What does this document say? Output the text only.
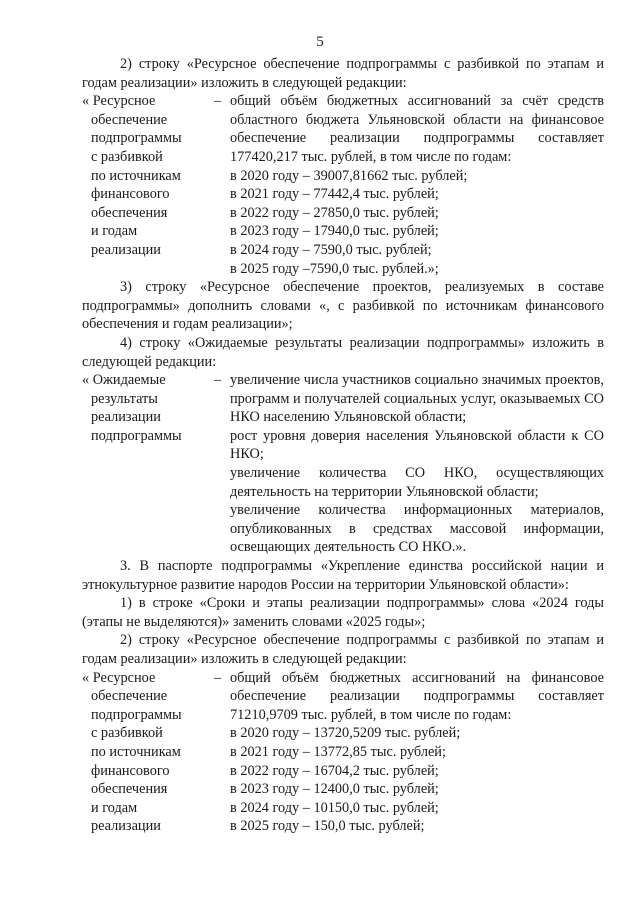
5

2) строку «Ресурсное обеспечение подпрограммы с разбивкой по этапам и годам реализации» изложить в следующей редакции:

« Ресурсное
обеспечение
подпрограммы
с разбивкой
по источникам
финансового
обеспечения
и годам
реализации
– общий объём бюджетных ассигнований за счёт средств областного бюджета Ульяновской области на финансовое обеспечение реализации подпрограммы составляет 177420,217 тыс. рублей, в том числе по годам:

в 2020 году – 39007,81662 тыс. рублей;
в 2021 году – 77442,4 тыс. рублей;
в 2022 году – 27850,0 тыс. рублей;
в 2023 году – 17940,0 тыс. рублей;
в 2024 году – 7590,0 тыс. рублей;
в 2025 году –7590,0 тыс. рублей.»;

3) строку «Ресурсное обеспечение проектов, реализуемых в составе подпрограммы» дополнить словами «, с разбивкой по источникам финансового обеспечения и годам реализации»;

4) строку «Ожидаемые результаты реализации подпрограммы» изложить в следующей редакции:

« Ожидаемые
результаты
реализации
подпрограммы
– увеличение числа участников социально значимых проектов, программ и получателей социальных услуг, оказываемых СО НКО населению Ульяновской области;

рост уровня доверия населения Ульяновской области к СО НКО;

увеличение количества СО НКО, осуществляющих деятельность на территории Ульяновской области;

увеличение количества информационных материалов, опубликованных в средствах массовой информации, освещающих деятельность СО НКО.».

3. В паспорте подпрограммы «Укрепление единства российской нации и этнокультурное развитие народов России на территории Ульяновской области»:

1) в строке «Сроки и этапы реализации подпрограммы» слова «2024 годы (этапы не выделяются)» заменить словами «2025 годы»;

2) строку «Ресурсное обеспечение подпрограммы с разбивкой по этапам и годам реализации» изложить в следующей редакции:

« Ресурсное
обеспечение
подпрограммы
с разбивкой
по источникам
финансового
обеспечения
и годам
реализации
– общий объём бюджетных ассигнований на финансовое обеспечение реализации подпрограммы составляет 71210,9709 тыс. рублей, в том числе по годам:

в 2020 году – 13720,5209 тыс. рублей;
в 2021 году – 13772,85 тыс. рублей;
в 2022 году – 16704,2 тыс. рублей;
в 2023 году – 12400,0 тыс. рублей;
в 2024 году – 10150,0 тыс. рублей;
в 2025 году – 150,0 тыс. рублей;
